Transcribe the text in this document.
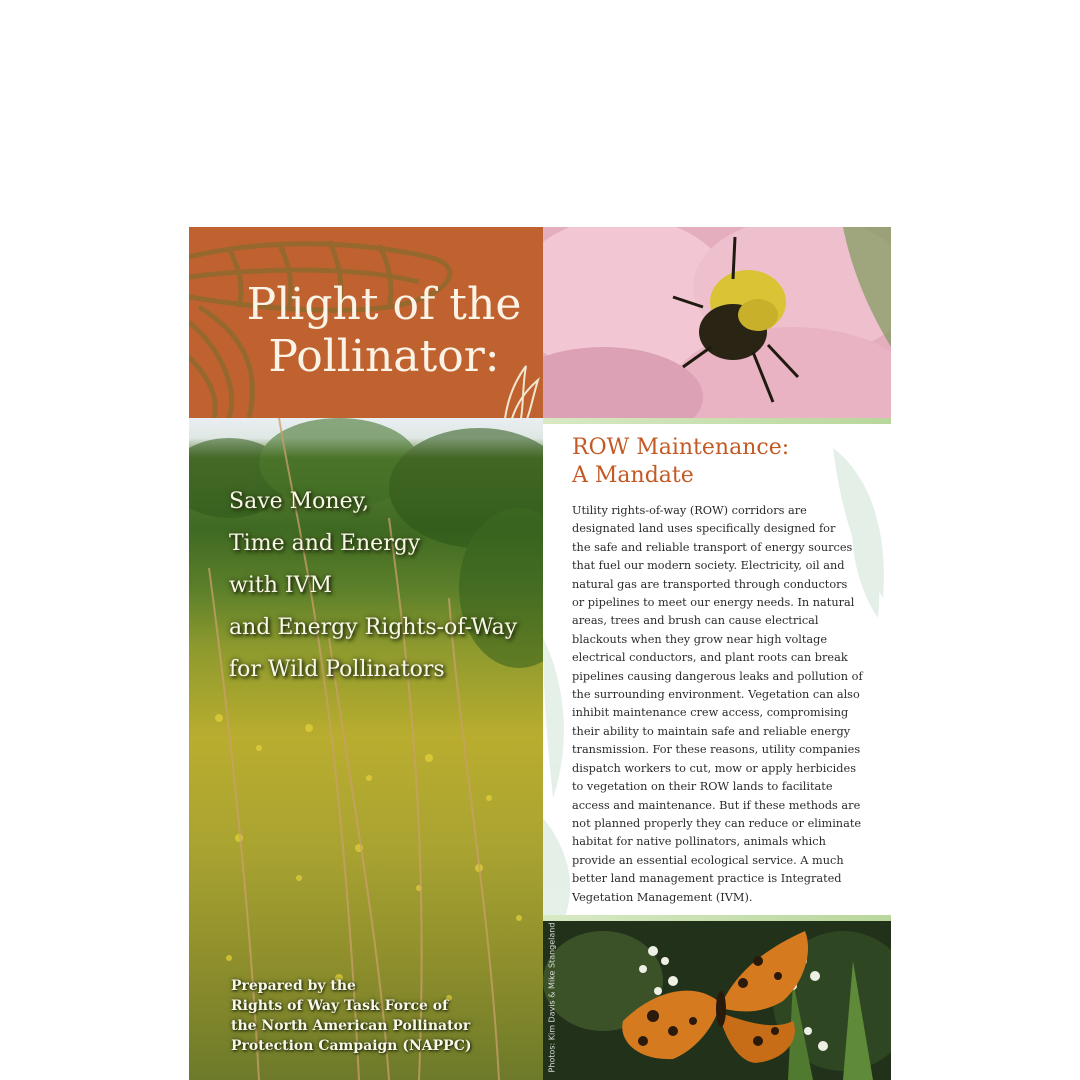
Plight of the
Pollinator:
Save Money,
Time and Energy
with IVM
and Energy Rights-of-Way
for Wild Pollinators
Prepared by the
Rights of Way Task Force of
the North American Pollinator
Protection Campaign (NAPPC)
ROW Maintenance:
A Mandate

Utility rights-of-way (ROW) corridors are
designated land uses specifically designed for
the safe and reliable transport of energy sources
that fuel our modern society. Electricity, oil and
natural gas are transported through conductors
or pipelines to meet our energy needs. In natural
areas, trees and brush can cause electrical
blackouts when they grow near high voltage
electrical conductors, and plant roots can break
pipelines causing dangerous leaks and pollution of
the surrounding environment. Vegetation can also
inhibit maintenance crew access, compromising
their ability to maintain safe and reliable energy
transmission. For these reasons, utility companies
dispatch workers to cut, mow or apply herbicides
to vegetation on their ROW lands to facilitate
access and maintenance. But if these methods are
not planned properly they can reduce or eliminate
habitat for native pollinators, animals which
provide an essential ecological service. A much
better land management practice is Integrated
Vegetation Management (IVM).

Photos: Kim Davis & Mike Stangeland
